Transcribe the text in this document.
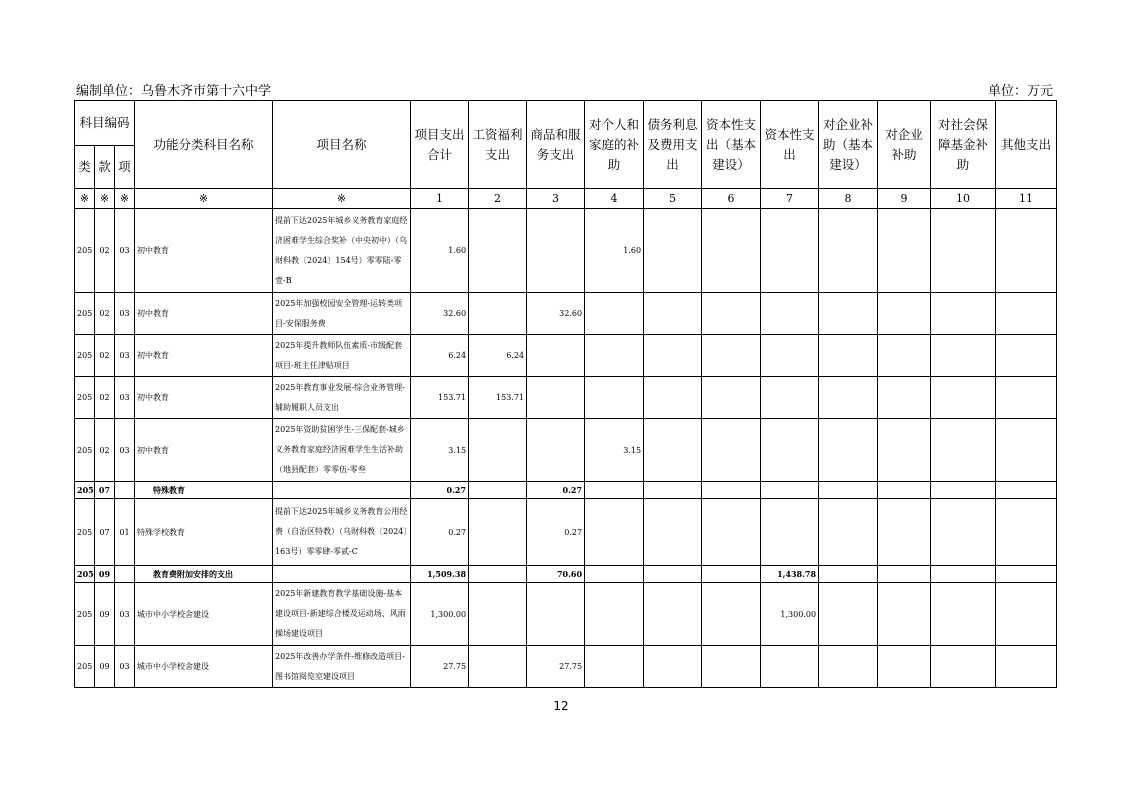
编制单位：乌鲁木齐市第十六中学	单位：万元
科目编码			功能分类科目名称	项目名称	项目支出合计	工资福利支出	商品和服务支出	对个人和家庭的补助	债务利息及费用支出	资本性支出（基本建设）	资本性支出	对企业补助（基本建设）	对企业补助	对社会保障基金补助	其他支出
类	款	项													
※	※	※	※	※	1	2	3	4	5	6	7	8	9	10	11
205	02	03	初中教育	提前下达2025年城乡义务教育家庭经济困难学生综合奖补（中央初中）（乌财科教〔2024〕154号）零零陆-零壹-B	1.60			1.60							
205	02	03	初中教育	2025年加强校园安全管理-运转类项目-安保服务费	32.60		32.60								
205	02	03	初中教育	2025年提升教师队伍素质-市级配套项目-班主任津贴项目	6.24	6.24									
205	02	03	初中教育	2025年教育事业发展-综合业务管理-辅助履职人员支出	153.71	153.71									
205	02	03	初中教育	2025年资助贫困学生-三保配套-城乡义务教育家庭经济困难学生生活补助（地县配套）零零伍-零叁	3.15			3.15							
205	07		特殊教育		0.27		0.27								
205	07	01	特殊学校教育	提前下达2025年城乡义务教育公用经费（自治区特教）（乌财科教〔2024〕163号）零零肆-零贰-C	0.27		0.27								
205	09		教育费附加安排的支出		1,509.38		70.60				1,438.78				
205	09	03	城市中小学校舍建设	2025年新建教育教学基础设施-基本建设项目-新建综合楼及运动场、风雨操场建设项目	1,300.00						1,300.00				
205	09	03	城市中小学校舍建设	2025年改善办学条件-维修改造项目-图书馆阅览室建设项目	27.75		27.75								
12
